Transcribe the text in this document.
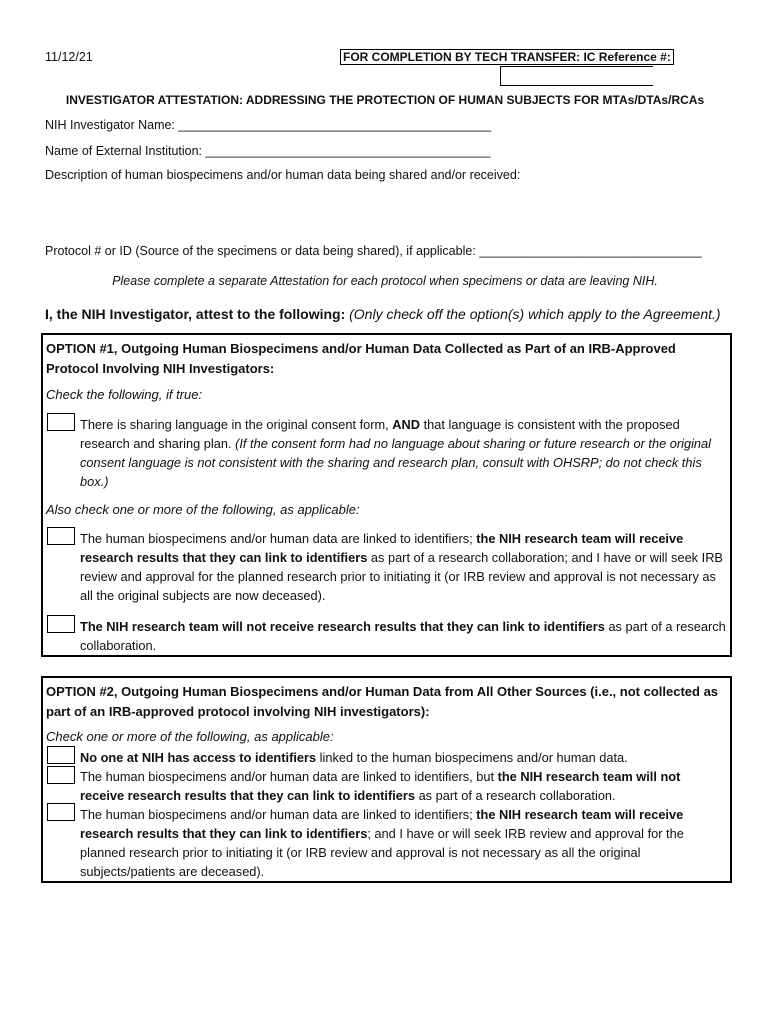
11/12/21	FOR COMPLETION BY TECH TRANSFER: IC Reference #:
INVESTIGATOR ATTESTATION: ADDRESSING THE PROTECTION OF HUMAN SUBJECTS FOR MTAs/DTAs/RCAs
NIH Investigator Name: _____________________________________________
Name of External Institution: _________________________________________
Description of human biospecimens and/or human data being shared and/or received:
Protocol # or ID (Source of the specimens or data being shared), if applicable: ________________________________
Please complete a separate Attestation for each protocol when specimens or data are leaving NIH.
I, the NIH Investigator, attest to the following: (Only check off the option(s) which apply to the Agreement.)
OPTION #1, Outgoing Human Biospecimens and/or Human Data Collected as Part of an IRB-Approved Protocol Involving NIH Investigators:
Check the following, if true:
There is sharing language in the original consent form, AND that language is consistent with the proposed research and sharing plan. (If the consent form had no language about sharing or future research or the original consent language is not consistent with the sharing and research plan, consult with OHSRP; do not check this box.)
Also check one or more of the following, as applicable:
The human biospecimens and/or human data are linked to identifiers; the NIH research team will receive research results that they can link to identifiers as part of a research collaboration; and I have or will seek IRB review and approval for the planned research prior to initiating it (or IRB review and approval is not necessary as all the original subjects are now deceased).
The NIH research team will not receive research results that they can link to identifiers as part of a research collaboration.
OPTION #2, Outgoing Human Biospecimens and/or Human Data from All Other Sources (i.e., not collected as part of an IRB-approved protocol involving NIH investigators):
Check one or more of the following, as applicable:
No one at NIH has access to identifiers linked to the human biospecimens and/or human data.
The human biospecimens and/or human data are linked to identifiers, but the NIH research team will not receive research results that they can link to identifiers as part of a research collaboration.
The human biospecimens and/or human data are linked to identifiers; the NIH research team will receive research results that they can link to identifiers; and I have or will seek IRB review and approval for the planned research prior to initiating it (or IRB review and approval is not necessary as all the original subjects/patients are deceased).
